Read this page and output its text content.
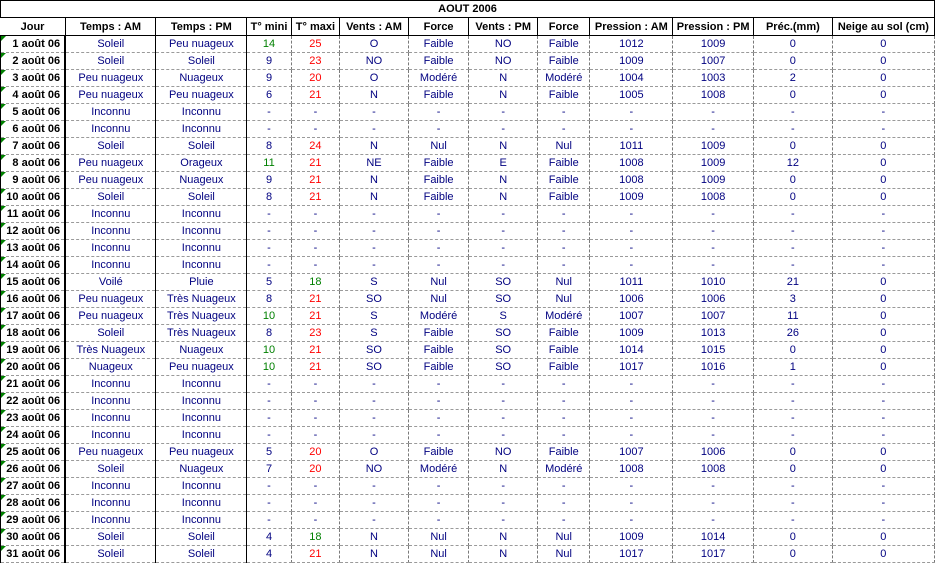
AOUT 2006												
Jour	Temps : AM	Temps : PM	T° mini	T° maxi	Vents : AM	Force	Vents : PM	Force	Pression : AM	Pression : PM	Préc.(mm)	Neige au sol (cm)
1 août 06	Soleil	Peu nuageux	14	25	O	Faible	NO	Faible	1012	1009	0	0
2 août 06	Soleil	Soleil	9	23	NO	Faible	NO	Faible	1009	1007	0	0
3 août 06	Peu nuageux	Nuageux	9	20	O	Modéré	N	Modéré	1004	1003	2	0
4 août 06	Peu nuageux	Peu nuageux	6	21	N	Faible	N	Faible	1005	1008	0	0
5 août 06	Inconnu	Inconnu	-	-	-	-	-	-	-	-	-	-
6 août 06	Inconnu	Inconnu	-	-	-	-	-	-	-	-	-	-
7 août 06	Soleil	Soleil	8	24	N	Nul	N	Nul	1011	1009	0	0
8 août 06	Peu nuageux	Orageux	11	21	NE	Faible	E	Faible	1008	1009	12	0
9 août 06	Peu nuageux	Nuageux	9	21	N	Faible	N	Faible	1008	1009	0	0
10 août 06	Soleil	Soleil	8	21	N	Faible	N	Faible	1009	1008	0	0
11 août 06	Inconnu	Inconnu	-	-	-	-	-	-	-	-	-	-
12 août 06	Inconnu	Inconnu	-	-	-	-	-	-	-	-	-	-
13 août 06	Inconnu	Inconnu	-	-	-	-	-	-	-	-	-	-
14 août 06	Inconnu	Inconnu	-	-	-	-	-	-	-	-	-	-
15 août 06	Voilé	Pluie	5	18	S	Nul	SO	Nul	1011	1010	21	0
16 août 06	Peu nuageux	Très Nuageux	8	21	SO	Nul	SO	Nul	1006	1006	3	0
17 août 06	Peu nuageux	Très Nuageux	10	21	S	Modéré	S	Modéré	1007	1007	11	0
18 août 06	Soleil	Très Nuageux	8	23	S	Faible	SO	Faible	1009	1013	26	0
19 août 06	Très Nuageux	Nuageux	10	21	SO	Faible	SO	Faible	1014	1015	0	0
20 août 06	Nuageux	Peu nuageux	10	21	SO	Faible	SO	Faible	1017	1016	1	0
21 août 06	Inconnu	Inconnu	-	-	-	-	-	-	-	-	-	-
22 août 06	Inconnu	Inconnu	-	-	-	-	-	-	-	-	-	-
23 août 06	Inconnu	Inconnu	-	-	-	-	-	-	-	-	-	-
24 août 06	Inconnu	Inconnu	-	-	-	-	-	-	-	-	-	-
25 août 06	Peu nuageux	Peu nuageux	5	20	O	Faible	NO	Faible	1007	1006	0	0
26 août 06	Soleil	Nuageux	7	20	NO	Modéré	N	Modéré	1008	1008	0	0
27 août 06	Inconnu	Inconnu	-	-	-	-	-	-	-	-	-	-
28 août 06	Inconnu	Inconnu	-	-	-	-	-	-	-	-	-	-
29 août 06	Inconnu	Inconnu	-	-	-	-	-	-	-	-	-	-
30 août 06	Soleil	Soleil	4	18	N	Nul	N	Nul	1009	1014	0	0
31 août 06	Soleil	Soleil	4	21	N	Nul	N	Nul	1017	1017	0	0
